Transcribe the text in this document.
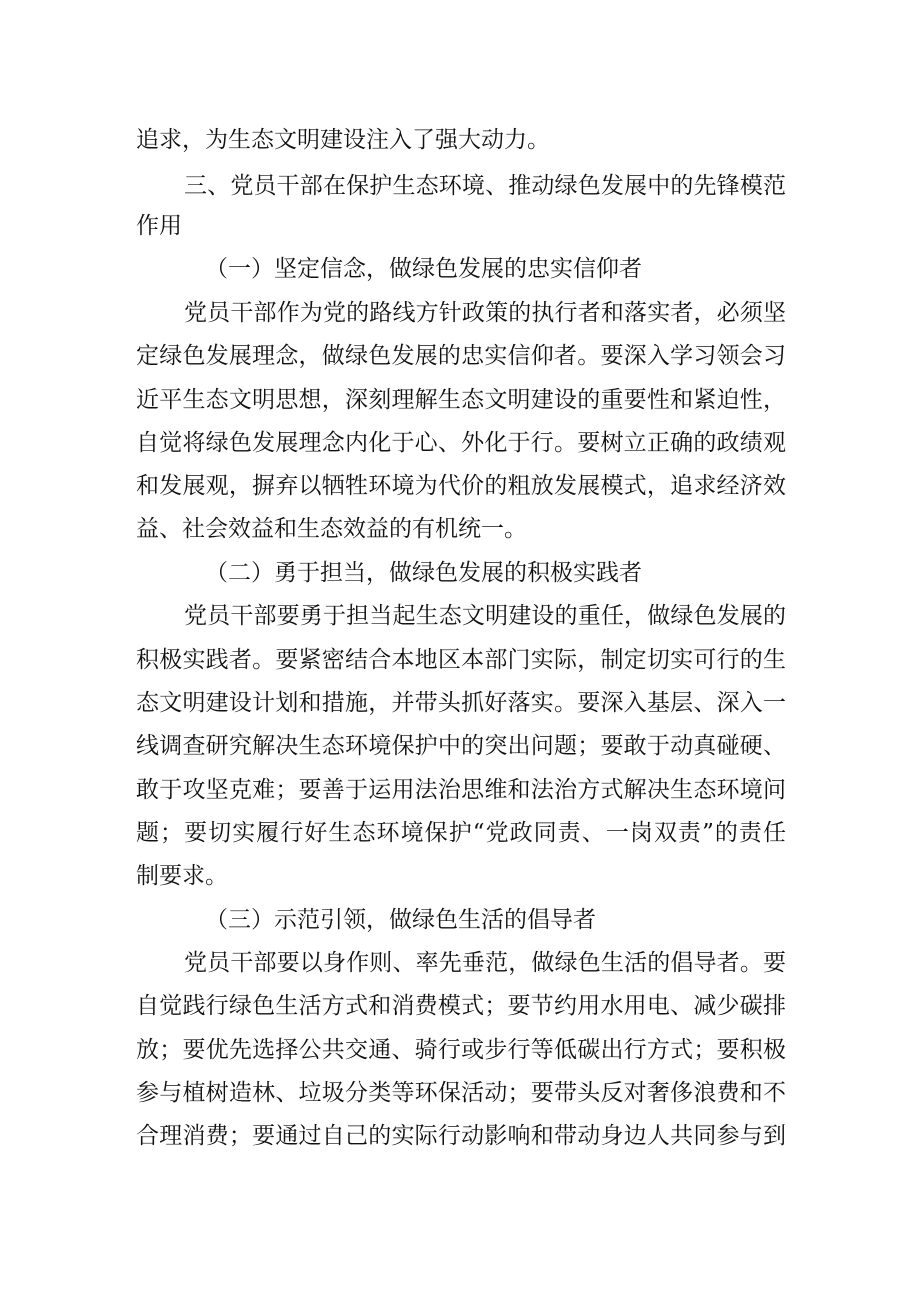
追求，为生态文明建设注入了强大动力。

三、党员干部在保护生态环境、推动绿色发展中的先锋模范

作用

（一）坚定信念，做绿色发展的忠实信仰者

党员干部作为党的路线方针政策的执行者和落实者，必须坚

定绿色发展理念，做绿色发展的忠实信仰者。要深入学习领会习

近平生态文明思想，深刻理解生态文明建设的重要性和紧迫性，

自觉将绿色发展理念内化于心、外化于行。要树立正确的政绩观

和发展观，摒弃以牺牲环境为代价的粗放发展模式，追求经济效

益、社会效益和生态效益的有机统一。

（二）勇于担当，做绿色发展的积极实践者

党员干部要勇于担当起生态文明建设的重任，做绿色发展的

积极实践者。要紧密结合本地区本部门实际，制定切实可行的生

态文明建设计划和措施，并带头抓好落实。要深入基层、深入一

线调查研究解决生态环境保护中的突出问题；要敢于动真碰硬、

敢于攻坚克难；要善于运用法治思维和法治方式解决生态环境问

题；要切实履行好生态环境保护“党政同责、一岗双责”的责任

制要求。

（三）示范引领，做绿色生活的倡导者

党员干部要以身作则、率先垂范，做绿色生活的倡导者。要

自觉践行绿色生活方式和消费模式；要节约用水用电、减少碳排

放；要优先选择公共交通、骑行或步行等低碳出行方式；要积极

参与植树造林、垃圾分类等环保活动；要带头反对奢侈浪费和不

合理消费；要通过自己的实际行动影响和带动身边人共同参与到
